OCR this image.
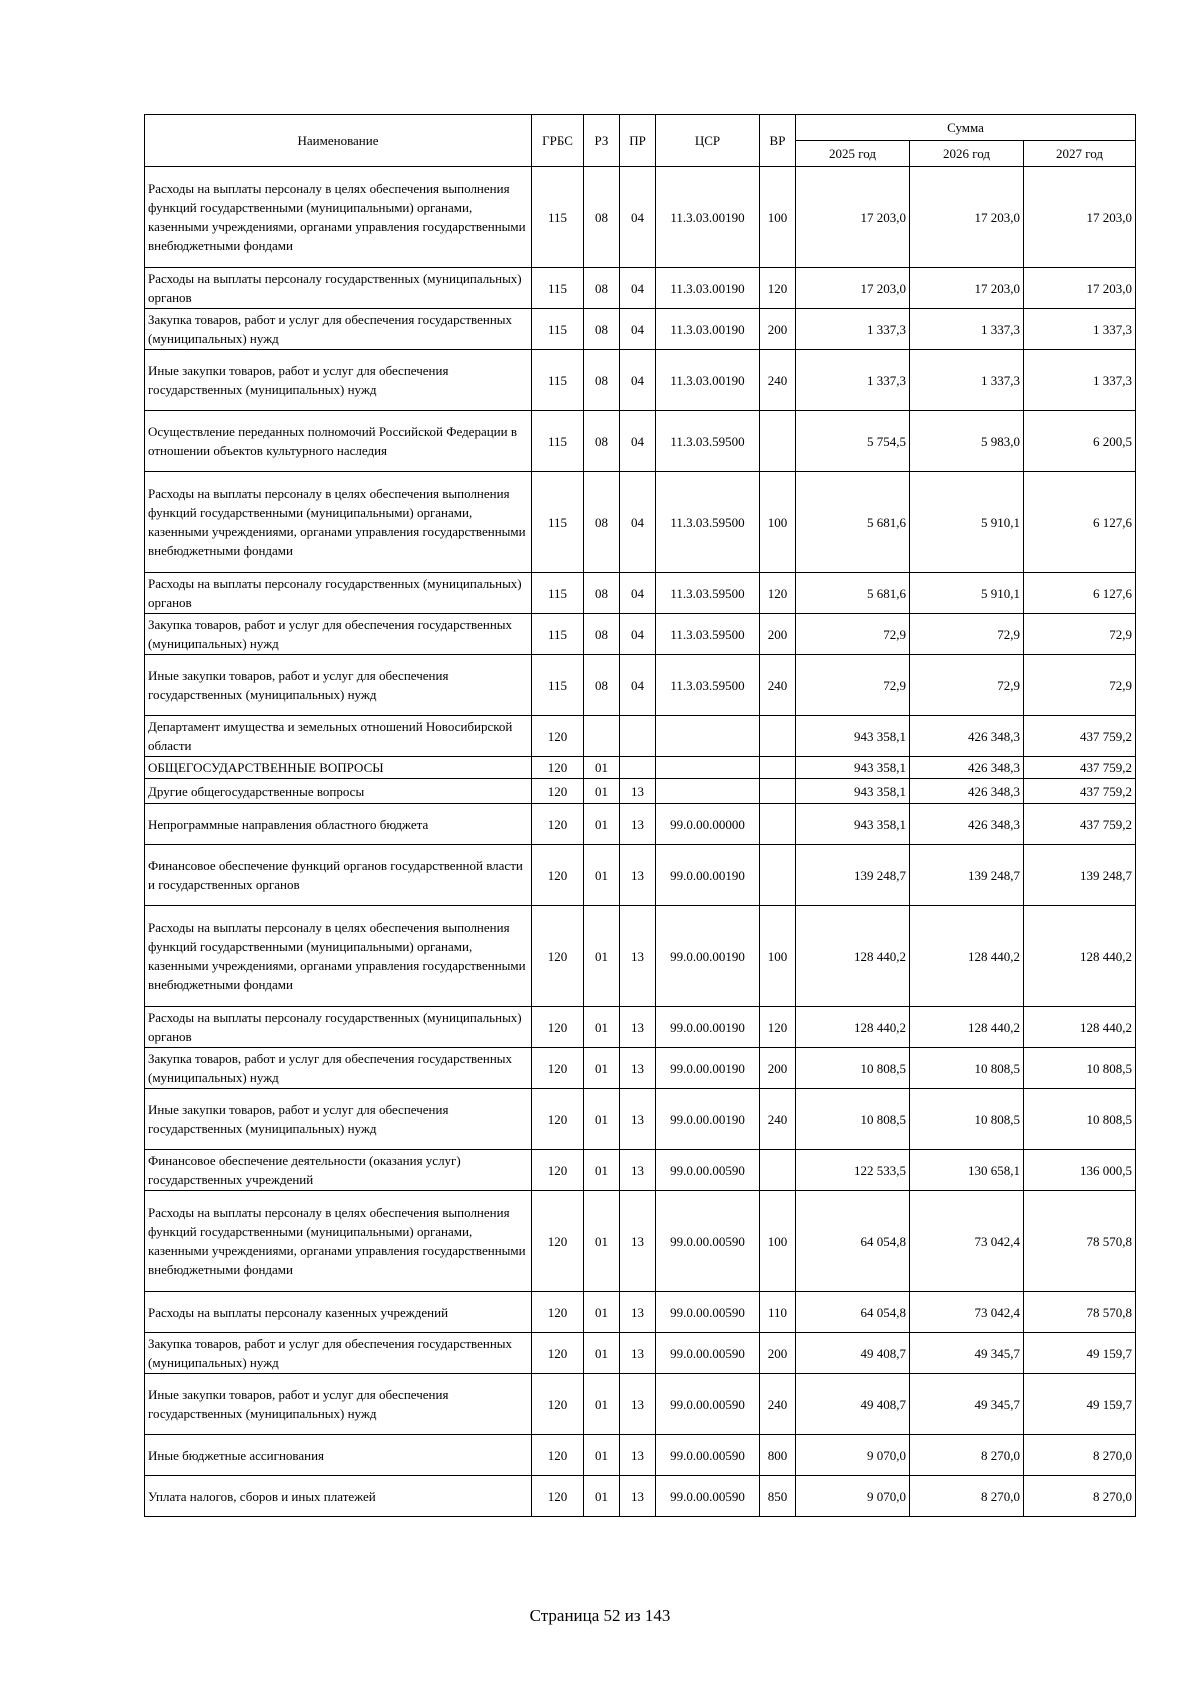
Наименование	ГРБС	РЗ	ПР	ЦСР	ВР	Сумма		
						2025 год	2026 год	2027 год
Расходы на выплаты персоналу в целях обеспечения выполнения функций государственными (муниципальными) органами, казенными учреждениями, органами управления государственными внебюджетными фондами	115	08	04	11.3.03.00190	100	17 203,0	17 203,0	17 203,0
Расходы на выплаты персоналу государственных (муниципальных) органов	115	08	04	11.3.03.00190	120	17 203,0	17 203,0	17 203,0
Закупка товаров, работ и услуг для обеспечения государственных (муниципальных) нужд	115	08	04	11.3.03.00190	200	1 337,3	1 337,3	1 337,3
Иные закупки товаров, работ и услуг для обеспечения государственных (муниципальных) нужд	115	08	04	11.3.03.00190	240	1 337,3	1 337,3	1 337,3
Осуществление переданных полномочий Российской Федерации в отношении объектов культурного наследия	115	08	04	11.3.03.59500		5 754,5	5 983,0	6 200,5
Расходы на выплаты персоналу в целях обеспечения выполнения функций государственными (муниципальными) органами, казенными учреждениями, органами управления государственными внебюджетными фондами	115	08	04	11.3.03.59500	100	5 681,6	5 910,1	6 127,6
Расходы на выплаты персоналу государственных (муниципальных) органов	115	08	04	11.3.03.59500	120	5 681,6	5 910,1	6 127,6
Закупка товаров, работ и услуг для обеспечения государственных (муниципальных) нужд	115	08	04	11.3.03.59500	200	72,9	72,9	72,9
Иные закупки товаров, работ и услуг для обеспечения государственных (муниципальных) нужд	115	08	04	11.3.03.59500	240	72,9	72,9	72,9
Департамент имущества и земельных отношений Новосибирской области	120					943 358,1	426 348,3	437 759,2
ОБЩЕГОСУДАРСТВЕННЫЕ ВОПРОСЫ	120	01				943 358,1	426 348,3	437 759,2
Другие общегосударственные вопросы	120	01	13			943 358,1	426 348,3	437 759,2
Непрограммные направления областного бюджета	120	01	13	99.0.00.00000		943 358,1	426 348,3	437 759,2
Финансовое обеспечение функций органов государственной власти и государственных органов	120	01	13	99.0.00.00190		139 248,7	139 248,7	139 248,7
Расходы на выплаты персоналу в целях обеспечения выполнения функций государственными (муниципальными) органами, казенными учреждениями, органами управления государственными внебюджетными фондами	120	01	13	99.0.00.00190	100	128 440,2	128 440,2	128 440,2
Расходы на выплаты персоналу государственных (муниципальных) органов	120	01	13	99.0.00.00190	120	128 440,2	128 440,2	128 440,2
Закупка товаров, работ и услуг для обеспечения государственных (муниципальных) нужд	120	01	13	99.0.00.00190	200	10 808,5	10 808,5	10 808,5
Иные закупки товаров, работ и услуг для обеспечения государственных (муниципальных) нужд	120	01	13	99.0.00.00190	240	10 808,5	10 808,5	10 808,5
Финансовое обеспечение деятельности (оказания услуг) государственных учреждений	120	01	13	99.0.00.00590		122 533,5	130 658,1	136 000,5
Расходы на выплаты персоналу в целях обеспечения выполнения функций государственными (муниципальными) органами, казенными учреждениями, органами управления государственными внебюджетными фондами	120	01	13	99.0.00.00590	100	64 054,8	73 042,4	78 570,8
Расходы на выплаты персоналу казенных учреждений	120	01	13	99.0.00.00590	110	64 054,8	73 042,4	78 570,8
Закупка товаров, работ и услуг для обеспечения государственных (муниципальных) нужд	120	01	13	99.0.00.00590	200	49 408,7	49 345,7	49 159,7
Иные закупки товаров, работ и услуг для обеспечения государственных (муниципальных) нужд	120	01	13	99.0.00.00590	240	49 408,7	49 345,7	49 159,7
Иные бюджетные ассигнования	120	01	13	99.0.00.00590	800	9 070,0	8 270,0	8 270,0
Уплата налогов, сборов и иных платежей	120	01	13	99.0.00.00590	850	9 070,0	8 270,0	8 270,0
Страница 52 из 143
